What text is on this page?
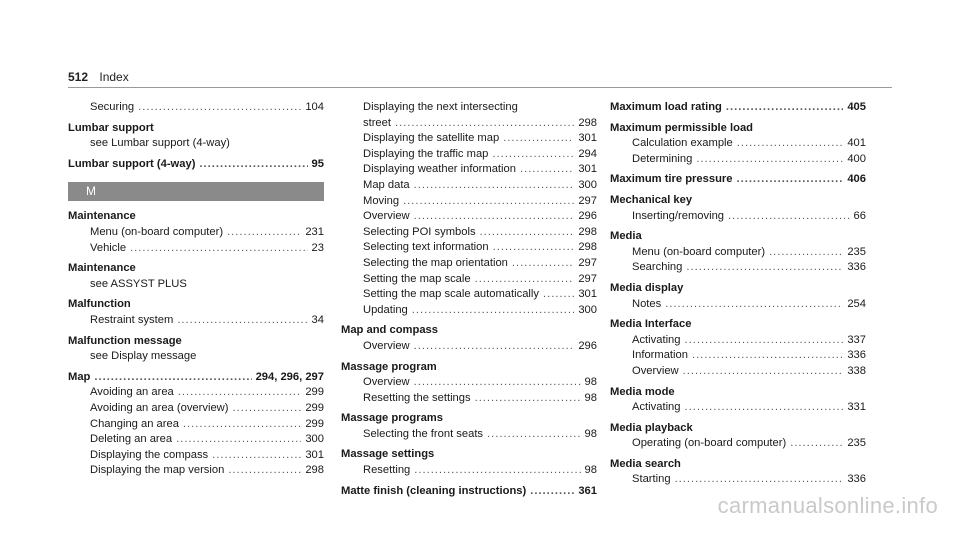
512 Index
Securing .....	104
Lumbar support
see Lumbar support (4-way)
Lumbar support (4-way) .....	95
M
Maintenance
Menu (on-board computer) .....	231
Vehicle .....	23
Maintenance
see ASSYST PLUS
Malfunction
Restraint system .....	34
Malfunction message
see Display message
Map .....	294, 296, 297
Avoiding an area .....	299
Avoiding an area (overview) .....	299
Changing an area .....	299
Deleting an area .....	300
Displaying the compass .....	301
Displaying the map version .....	298
Displaying the next intersecting
street .....	298
Displaying the satellite map .....	301
Displaying the traffic map .....	294
Displaying weather information .....	301
Map data .....	300
Moving .....	297
Overview .....	296
Selecting POI symbols .....	298
Selecting text information .....	298
Selecting the map orientation .....	297
Setting the map scale .....	297
Setting the map scale automatically .....	301
Updating .....	300
Map and compass
Overview .....	296
Massage program
Overview .....	98
Resetting the settings .....	98
Massage programs
Selecting the front seats .....	98
Massage settings
Resetting .....	98
Matte finish (cleaning instructions) .....	361
Maximum load rating .....	405
Maximum permissible load
Calculation example .....	401
Determining .....	400
Maximum tire pressure .....	406
Mechanical key
Inserting/removing .....	66
Media
Menu (on-board computer) .....	235
Searching .....	336
Media display
Notes .....	254
Media Interface
Activating .....	337
Information .....	336
Overview .....	338
Media mode
Activating .....	331
Media playback
Operating (on-board computer) .....	235
Media search
Starting .....	336
carmanualsonline.info
